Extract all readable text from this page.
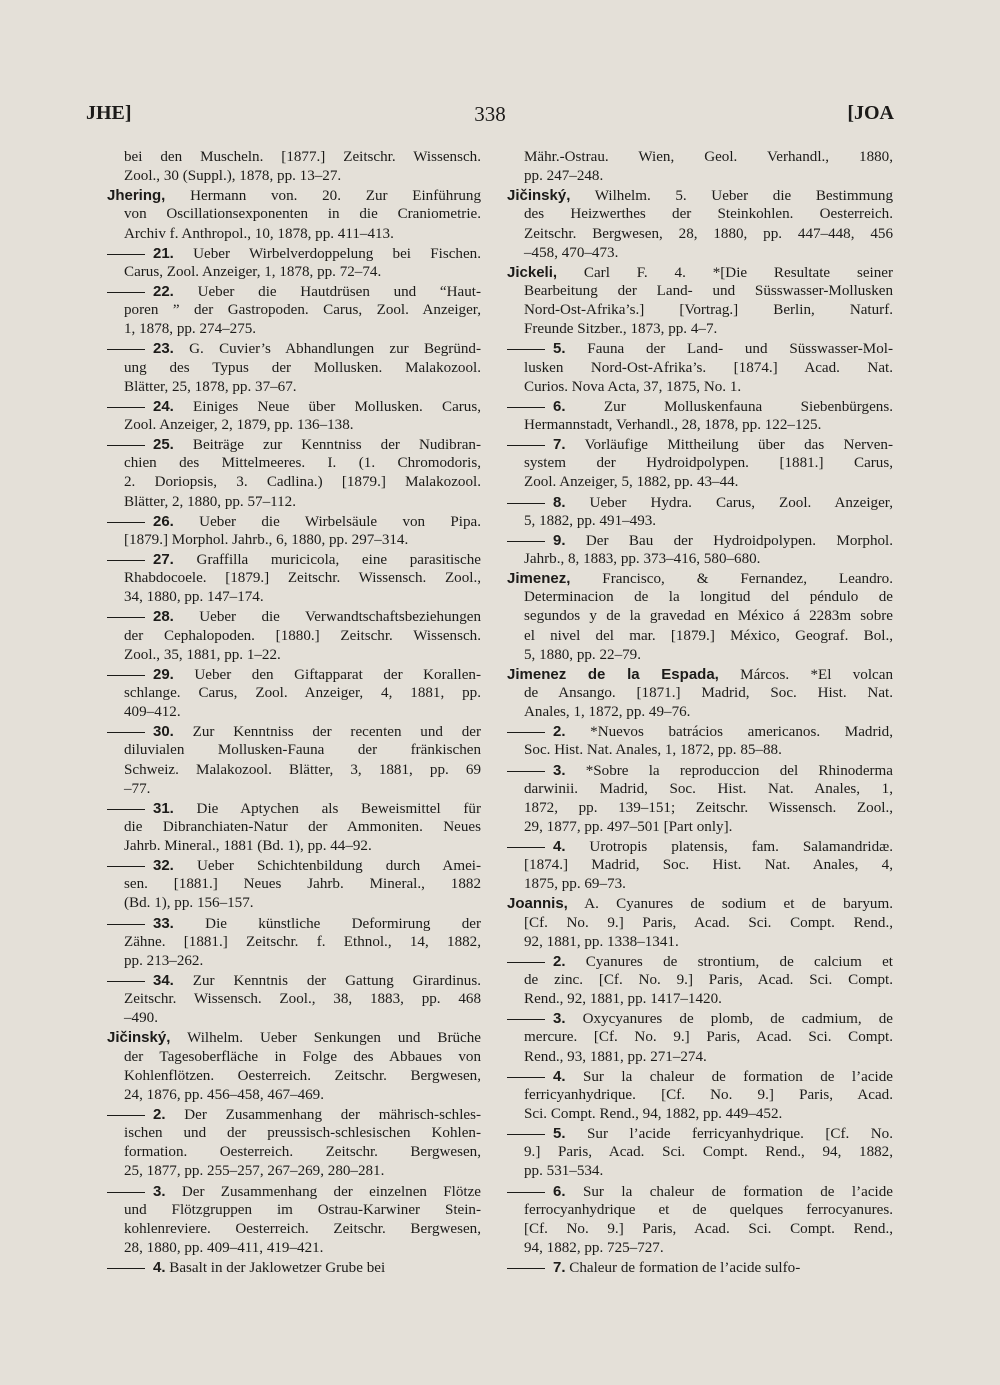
JHE]	338	[JOA
bei den Muscheln. [1877.] Zeitschr. Wissensch.
Zool., 30 (Suppl.), 1878, pp. 13–27.
Jhering, Hermann von. 20. Zur Einführung
von Oscillationsexponenten in die Craniometrie.
Archiv f. Anthropol., 10, 1878, pp. 411–413.
21. Ueber Wirbelverdoppelung bei Fischen.
Carus, Zool. Anzeiger, 1, 1878, pp. 72–74.
22. Ueber die Hautdrüsen und “Haut-
poren ” der Gastropoden. Carus, Zool. Anzeiger,
1, 1878, pp. 274–275.
23. G. Cuvier’s Abhandlungen zur Begründ-
ung des Typus der Mollusken. Malakozool.
Blätter, 25, 1878, pp. 37–67.
24. Einiges Neue über Mollusken. Carus,
Zool. Anzeiger, 2, 1879, pp. 136–138.
25. Beiträge zur Kenntniss der Nudibran-
chien des Mittelmeeres. I. (1. Chromodoris,
2. Doriopsis, 3. Cadlina.) [1879.] Malakozool.
Blätter, 2, 1880, pp. 57–112.
26. Ueber die Wirbelsäule von Pipa.
[1879.] Morphol. Jahrb., 6, 1880, pp. 297–314.
27. Graffilla muricicola, eine parasitische
Rhabdocoele. [1879.] Zeitschr. Wissensch. Zool.,
34, 1880, pp. 147–174.
28. Ueber die Verwandtschaftsbeziehungen
der Cephalopoden. [1880.] Zeitschr. Wissensch.
Zool., 35, 1881, pp. 1–22.
29. Ueber den Giftapparat der Korallen-
schlange. Carus, Zool. Anzeiger, 4, 1881, pp.
409–412.
30. Zur Kenntniss der recenten und der
diluvialen Mollusken-Fauna der fränkischen
Schweiz. Malakozool. Blätter, 3, 1881, pp. 69
–77.
31. Die Aptychen als Beweismittel für
die Dibranchiaten-Natur der Ammoniten. Neues
Jahrb. Mineral., 1881 (Bd. 1), pp. 44–92.
32. Ueber Schichtenbildung durch Amei-
sen. [1881.] Neues Jahrb. Mineral., 1882
(Bd. 1), pp. 156–157.
33. Die künstliche Deformirung der
Zähne. [1881.] Zeitschr. f. Ethnol., 14, 1882,
pp. 213–262.
34. Zur Kenntnis der Gattung Girardinus.
Zeitschr. Wissensch. Zool., 38, 1883, pp. 468
–490.
Jičinský, Wilhelm. Ueber Senkungen und Brüche
der Tagesoberfläche in Folge des Abbaues von
Kohlenflötzen. Oesterreich. Zeitschr. Bergwesen,
24, 1876, pp. 456–458, 467–469.
2. Der Zusammenhang der mährisch-schles-
ischen und der preussisch-schlesischen Kohlen-
formation. Oesterreich. Zeitschr. Bergwesen,
25, 1877, pp. 255–257, 267–269, 280–281.
3. Der Zusammenhang der einzelnen Flötze
und Flötzgruppen im Ostrau-Karwiner Stein-
kohlenreviere. Oesterreich. Zeitschr. Bergwesen,
28, 1880, pp. 409–411, 419–421.
4. Basalt in der Jaklowetzer Grube bei
Mähr.-Ostrau. Wien, Geol. Verhandl., 1880,
pp. 247–248.
Jičinský, Wilhelm. 5. Ueber die Bestimmung
des Heizwerthes der Steinkohlen. Oesterreich.
Zeitschr. Bergwesen, 28, 1880, pp. 447–448, 456
–458, 470–473.
Jickeli, Carl F. 4. *[Die Resultate seiner
Bearbeitung der Land- und Süsswasser-Mollusken
Nord-Ost-Afrika’s.] [Vortrag.] Berlin, Naturf.
Freunde Sitzber., 1873, pp. 4–7.
5. Fauna der Land- und Süsswasser-Mol-
lusken Nord-Ost-Afrika’s. [1874.] Acad. Nat.
Curios. Nova Acta, 37, 1875, No. 1.
6. Zur Molluskenfauna Siebenbürgens.
Hermannstadt, Verhandl., 28, 1878, pp. 122–125.
7. Vorläufige Mittheilung über das Nerven-
system der Hydroidpolypen. [1881.] Carus,
Zool. Anzeiger, 5, 1882, pp. 43–44.
8. Ueber Hydra. Carus, Zool. Anzeiger,
5, 1882, pp. 491–493.
9. Der Bau der Hydroidpolypen. Morphol.
Jahrb., 8, 1883, pp. 373–416, 580–680.
Jimenez, Francisco, & Fernandez, Leandro.
Determinacion de la longitud del péndulo de
segundos y de la gravedad en México á 2283m sobre
el nivel del mar. [1879.] México, Geograf. Bol.,
5, 1880, pp. 22–79.
Jimenez de la Espada, Márcos. *El volcan
de Ansango. [1871.] Madrid, Soc. Hist. Nat.
Anales, 1, 1872, pp. 49–76.
2. *Nuevos batrácios americanos. Madrid,
Soc. Hist. Nat. Anales, 1, 1872, pp. 85–88.
3. *Sobre la reproduccion del Rhinoderma
darwinii. Madrid, Soc. Hist. Nat. Anales, 1,
1872, pp. 139–151; Zeitschr. Wissensch. Zool.,
29, 1877, pp. 497–501 [Part only].
4. Urotropis platensis, fam. Salamandridæ.
[1874.] Madrid, Soc. Hist. Nat. Anales, 4,
1875, pp. 69–73.
Joannis, A. Cyanures de sodium et de baryum.
[Cf. No. 9.] Paris, Acad. Sci. Compt. Rend.,
92, 1881, pp. 1338–1341.
2. Cyanures de strontium, de calcium et
de zinc. [Cf. No. 9.] Paris, Acad. Sci. Compt.
Rend., 92, 1881, pp. 1417–1420.
3. Oxycyanures de plomb, de cadmium, de
mercure. [Cf. No. 9.] Paris, Acad. Sci. Compt.
Rend., 93, 1881, pp. 271–274.
4. Sur la chaleur de formation de l’acide
ferricyanhydrique. [Cf. No. 9.] Paris, Acad.
Sci. Compt. Rend., 94, 1882, pp. 449–452.
5. Sur l’acide ferricyanhydrique. [Cf. No.
9.] Paris, Acad. Sci. Compt. Rend., 94, 1882,
pp. 531–534.
6. Sur la chaleur de formation de l’acide
ferrocyanhydrique et de quelques ferrocyanures.
[Cf. No. 9.] Paris, Acad. Sci. Compt. Rend.,
94, 1882, pp. 725–727.
7. Chaleur de formation de l’acide sulfo-
